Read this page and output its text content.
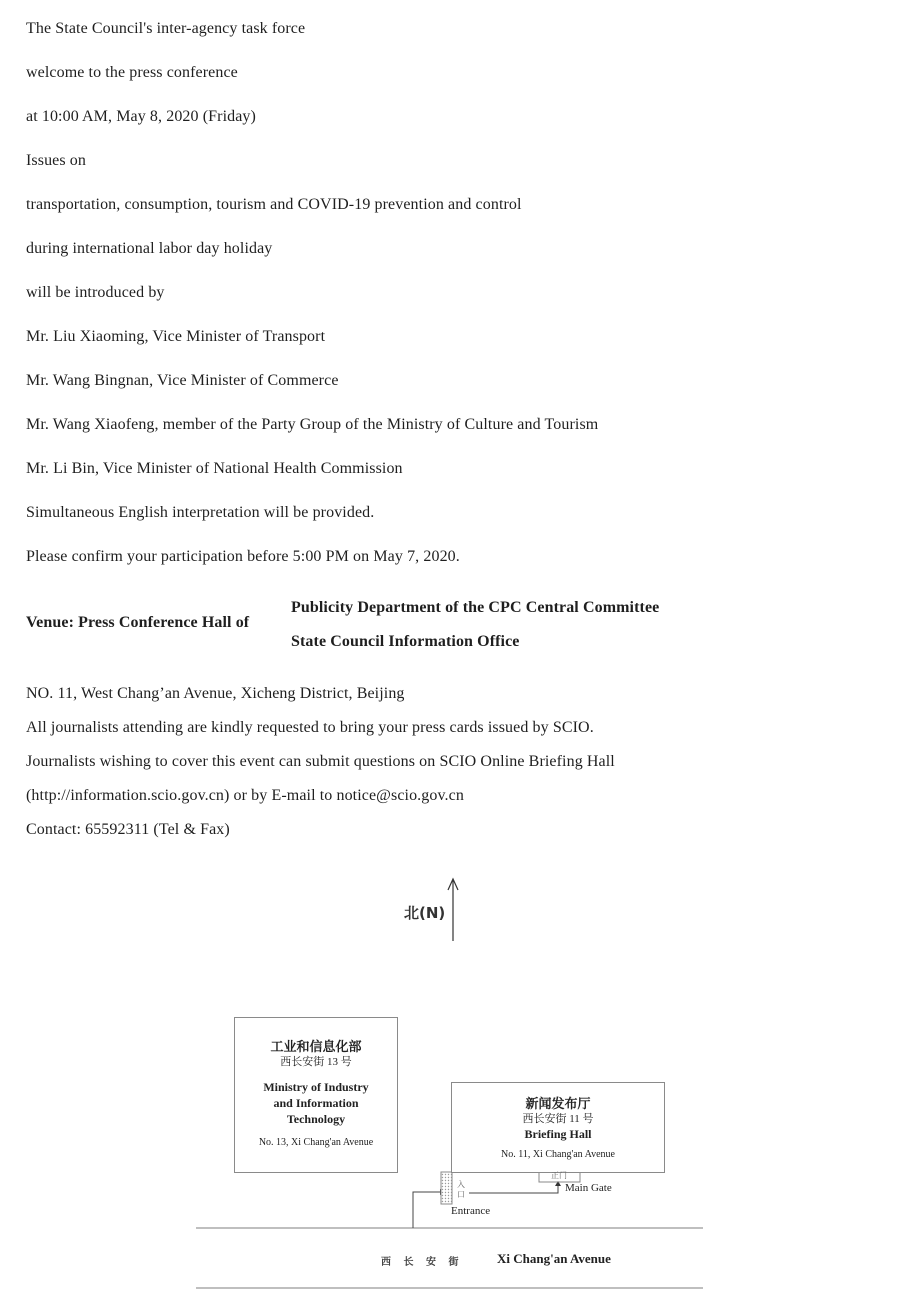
The State Council's inter-agency task force
welcome to the press conference
at 10:00 AM, May 8, 2020 (Friday)
Issues on
transportation, consumption, tourism and COVID-19 prevention and control
during international labor day holiday
will be introduced by
Mr. Liu Xiaoming, Vice Minister of Transport
Mr. Wang Bingnan, Vice Minister of Commerce
Mr. Wang Xiaofeng, member of the Party Group of the Ministry of Culture and Tourism
Mr. Li Bin, Vice Minister of National Health Commission
Simultaneous English interpretation will be provided.
Please confirm your participation before 5:00 PM on May 7, 2020.
Venue: Press Conference Hall of
Publicity Department of the CPC Central Committee
State Council Information Office
NO. 11, West Chang’an Avenue, Xicheng District, Beijing
All journalists attending are kindly requested to bring your press cards issued by SCIO.
Journalists wishing to cover this event can submit questions on SCIO Online Briefing Hall
(http://information.scio.gov.cn) or by E-mail to notice@scio.gov.cn
Contact: 65592311 (Tel & Fax)
北(N)
工业和信息化部
西长安街 13 号
Ministry of Industry
and Information
Technology
No. 13, Xi Chang'an Avenue
新闻发布厅
西长安街 11 号
Briefing Hall
No. 11, Xi Chang'an Avenue
正门
Main Gate
入
口
Entrance
西　 长　 安　 街	Xi Chang'an Avenue
